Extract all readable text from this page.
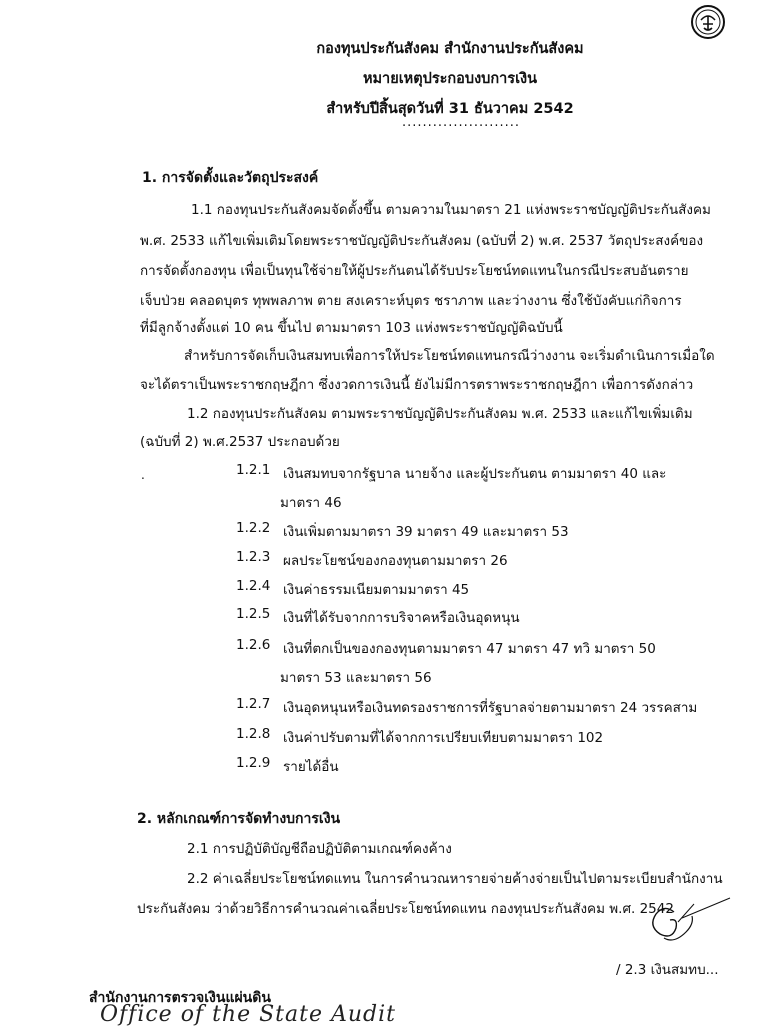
กองทุนประกันสังคม สำนักงานประกันสังคม
หมายเหตุประกอบงบการเงิน
สำหรับปีสิ้นสุดวันที่ 31 ธันวาคม 2542
.......................
1. การจัดตั้งและวัตถุประสงค์
1.1 กองทุนประกันสังคมจัดตั้งขึ้น ตามความในมาตรา 21 แห่งพระราชบัญญัติประกันสังคม
พ.ศ. 2533 แก้ไขเพิ่มเติมโดยพระราชบัญญัติประกันสังคม (ฉบับที่ 2) พ.ศ. 2537 วัตถุประสงค์ของ
การจัดตั้งกองทุน เพื่อเป็นทุนใช้จ่ายให้ผู้ประกันตนได้รับประโยชน์ทดแทนในกรณีประสบอันตราย
เจ็บป่วย คลอดบุตร ทุพพลภาพ ตาย สงเคราะห์บุตร ชราภาพ และว่างงาน ซึ่งใช้บังคับแก่กิจการ
ที่มีลูกจ้างตั้งแต่ 10 คน ขึ้นไป ตามมาตรา 103 แห่งพระราชบัญญัติฉบับนี้
สำหรับการจัดเก็บเงินสมทบเพื่อการให้ประโยชน์ทดแทนกรณีว่างงาน จะเริ่มดำเนินการเมื่อใด
จะได้ตราเป็นพระราชกฤษฎีกา ซึ่งงวดการเงินนี้ ยังไม่มีการตราพระราชกฤษฎีกา เพื่อการดังกล่าว
1.2 กองทุนประกันสังคม ตามพระราชบัญญัติประกันสังคม พ.ศ. 2533 และแก้ไขเพิ่มเติม
(ฉบับที่ 2) พ.ศ.2537 ประกอบด้วย
.	1.2.1 เงินสมทบจากรัฐบาล นายจ้าง และผู้ประกันตน ตามมาตรา 40 และ
มาตรา 46
1.2.2 เงินเพิ่มตามมาตรา 39 มาตรา 49 และมาตรา 53
1.2.3 ผลประโยชน์ของกองทุนตามมาตรา 26
1.2.4 เงินค่าธรรมเนียมตามมาตรา 45
1.2.5 เงินที่ได้รับจากการบริจาคหรือเงินอุดหนุน
1.2.6 เงินที่ตกเป็นของกองทุนตามมาตรา 47 มาตรา 47 ทวิ มาตรา 50
มาตรา 53 และมาตรา 56
1.2.7 เงินอุดหนุนหรือเงินทดรองราชการที่รัฐบาลจ่ายตามมาตรา 24 วรรคสาม
1.2.8 เงินค่าปรับตามที่ได้จากการเปรียบเทียบตามมาตรา 102
1.2.9 รายได้อื่น
2. หลักเกณฑ์การจัดทำงบการเงิน
2.1 การปฏิบัติบัญชีถือปฏิบัติตามเกณฑ์คงค้าง
2.2 ค่าเฉลี่ยประโยชน์ทดแทน ในการคำนวณหารายจ่ายค้างจ่ายเป็นไปตามระเบียบสำนักงาน
ประกันสังคม ว่าด้วยวิธีการคำนวณค่าเฉลี่ยประโยชน์ทดแทน กองทุนประกันสังคม พ.ศ. 2542
/ 2.3 เงินสมทบ...
สำนักงานการตรวจเงินแผ่นดิน
Office of the State Audit
